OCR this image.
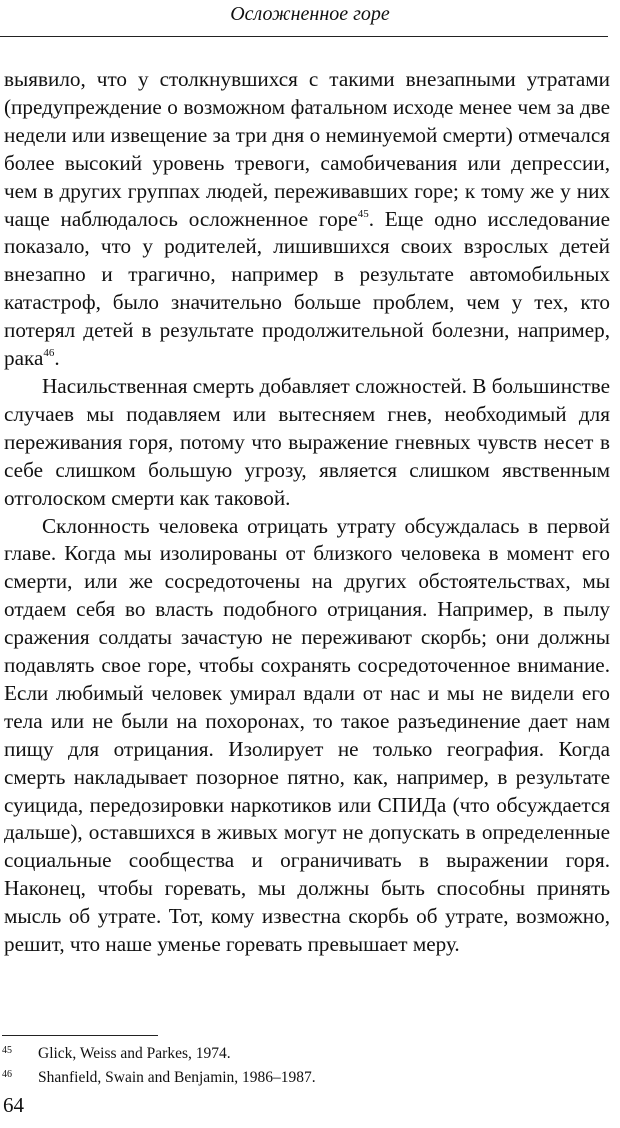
Осложненное горе

выявило, что у столкнувшихся с такими внезапными утратами (предупреждение о возможном фатальном исходе менее чем за две недели или извещение за три дня о неминуемой смерти) отмечался более высокий уровень тревоги, самобичевания или депрессии, чем в других группах людей, переживавших горе; к тому же у них чаще наблюдалось осложненное горе$^{45}$. Еще одно исследование показало, что у родителей, лишившихся своих взрослых детей внезапно и трагично, например в результате автомобильных катастроф, было значительно больше проблем, чем у тех, кто потерял детей в результате продолжительной болезни, например, рака$^{46}$.

Насильственная смерть добавляет сложностей. В большинстве случаев мы подавляем или вытесняем гнев, необходимый для переживания горя, потому что выражение гневных чувств несет в себе слишком большую угрозу, является слишком явственным отголоском смерти как таковой.

Склонность человека отрицать утрату обсуждалась в первой главе. Когда мы изолированы от близкого человека в момент его смерти, или же сосредоточены на других обстоятельствах, мы отдаем себя во власть подобного отрицания. Например, в пылу сражения солдаты зачастую не переживают скорбь; они должны подавлять свое горе, чтобы сохранять сосредоточенное внимание. Если любимый человек умирал вдали от нас и мы не видели его тела или не были на похоронах, то такое разъединение дает нам пищу для отрицания. Изолирует не только география. Когда смерть накладывает позорное пятно, как, например, в результате суицида, передозировки наркотиков или СПИДа (что обсуждается дальше), оставшихся в живых могут не допускать в определенные социальные сообщества и ограничивать в выражении горя. Наконец, чтобы горевать, мы должны быть способны принять мысль об утрате. Тот, кому известна скорбь об утрате, возможно, решит, что наше уменье горевать превышает меру.

45 Glick, Weiss and Parkes, 1974.
46 Shanfield, Swain and Benjamin, 1986–1987.
64
